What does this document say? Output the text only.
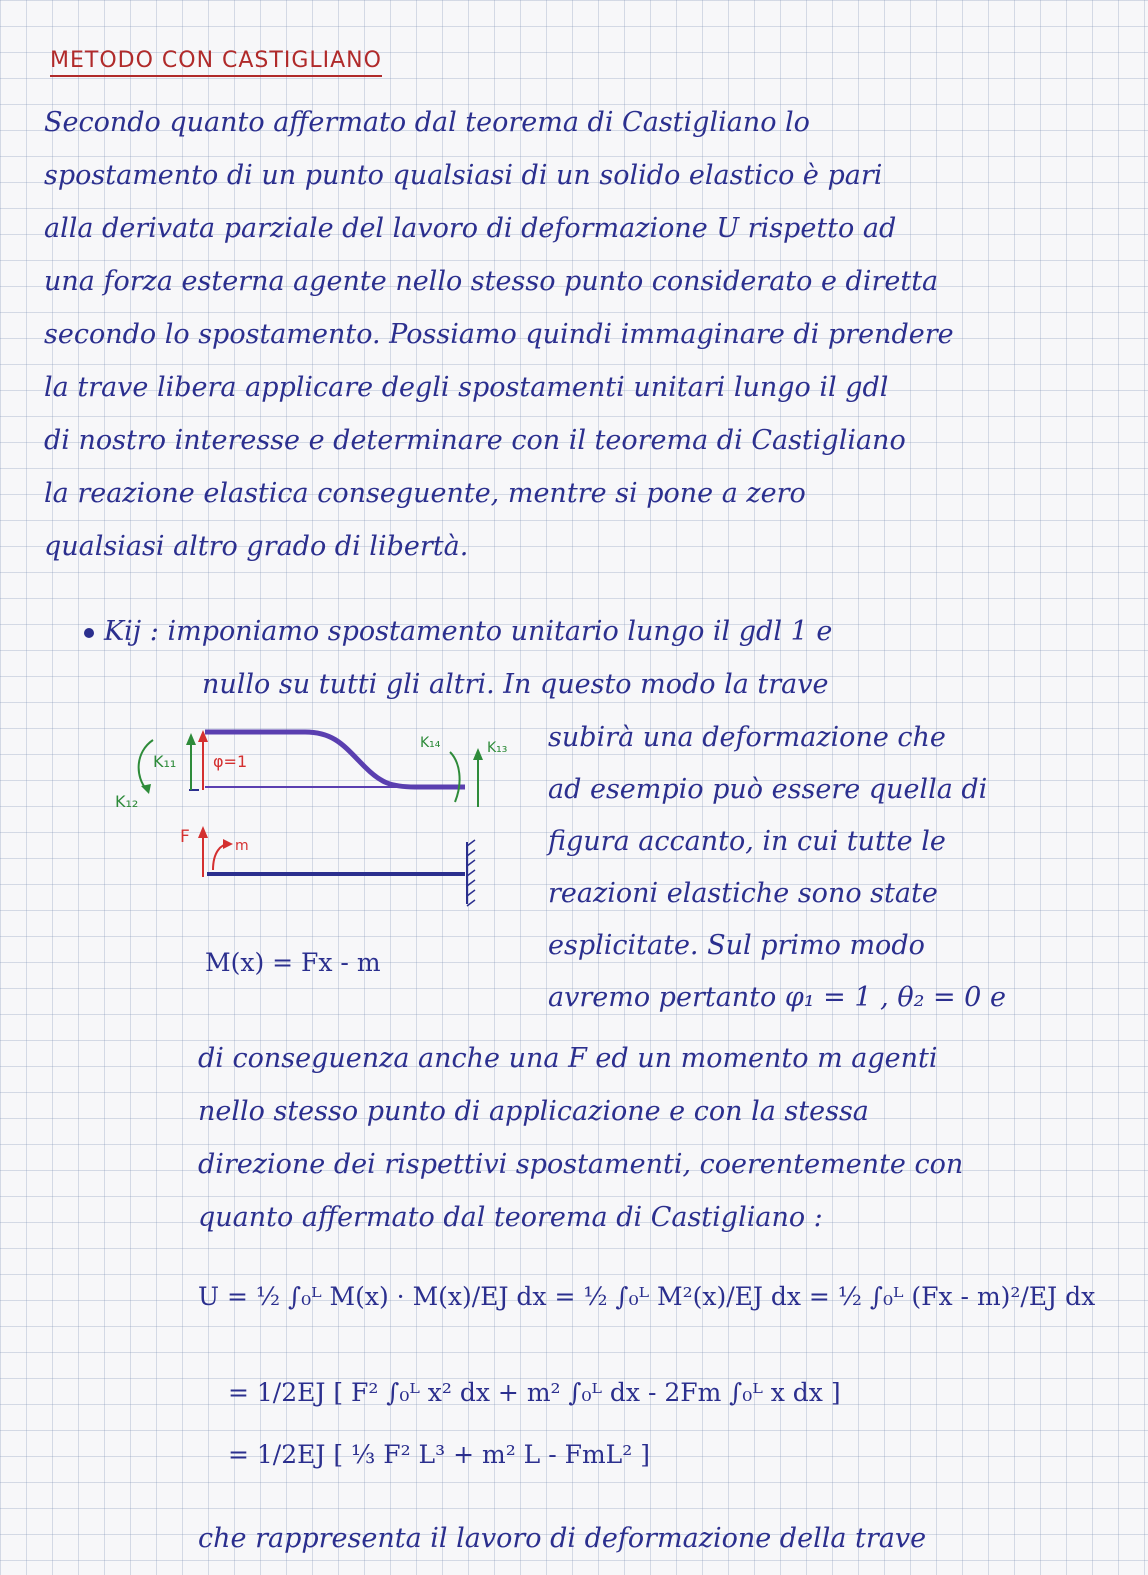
METODO CON CASTIGLIANO
Secondo quanto affermato dal teorema di Castigliano lo
spostamento di un punto qualsiasi di un solido elastico è pari
alla derivata parziale del lavoro di deformazione U rispetto ad
una forza esterna agente nello stesso punto considerato e diretta
secondo lo spostamento. Possiamo quindi immaginare di prendere
la trave libera applicare degli spostamenti unitari lungo il gdl
di nostro interesse e determinare con il teorema di Castigliano
la reazione elastica conseguente, mentre si pone a zero
qualsiasi altro grado di libertà.
Kij : imponiamo spostamento unitario lungo il gdl 1 e
nullo su tutti gli altri. In questo modo la trave
φ=1
K₁₁
K₁₂
K₁₄	K₁₃
F	m
subirà una deformazione che
ad esempio può essere quella di
figura accanto, in cui tutte le
reazioni elastiche sono state
esplicitate. Sul primo modo
avremo pertanto φ₁ = 1 , θ₂ = 0 e
M(x) = Fx - m
di conseguenza anche una F ed un momento m agenti
nello stesso punto di applicazione e con la stessa
direzione dei rispettivi spostamenti, coerentemente con
quanto affermato dal teorema di Castigliano :
U = ½ ∫₀ᴸ M(x) · M(x)/EJ dx = ½ ∫₀ᴸ M²(x)/EJ dx = ½ ∫₀ᴸ (Fx - m)²/EJ dx
= 1/2EJ [ F² ∫₀ᴸ x² dx + m² ∫₀ᴸ dx - 2Fm ∫₀ᴸ x dx ]
= 1/2EJ [ ⅓ F² L³ + m² L - FmL² ]
che rappresenta il lavoro di deformazione della trave
